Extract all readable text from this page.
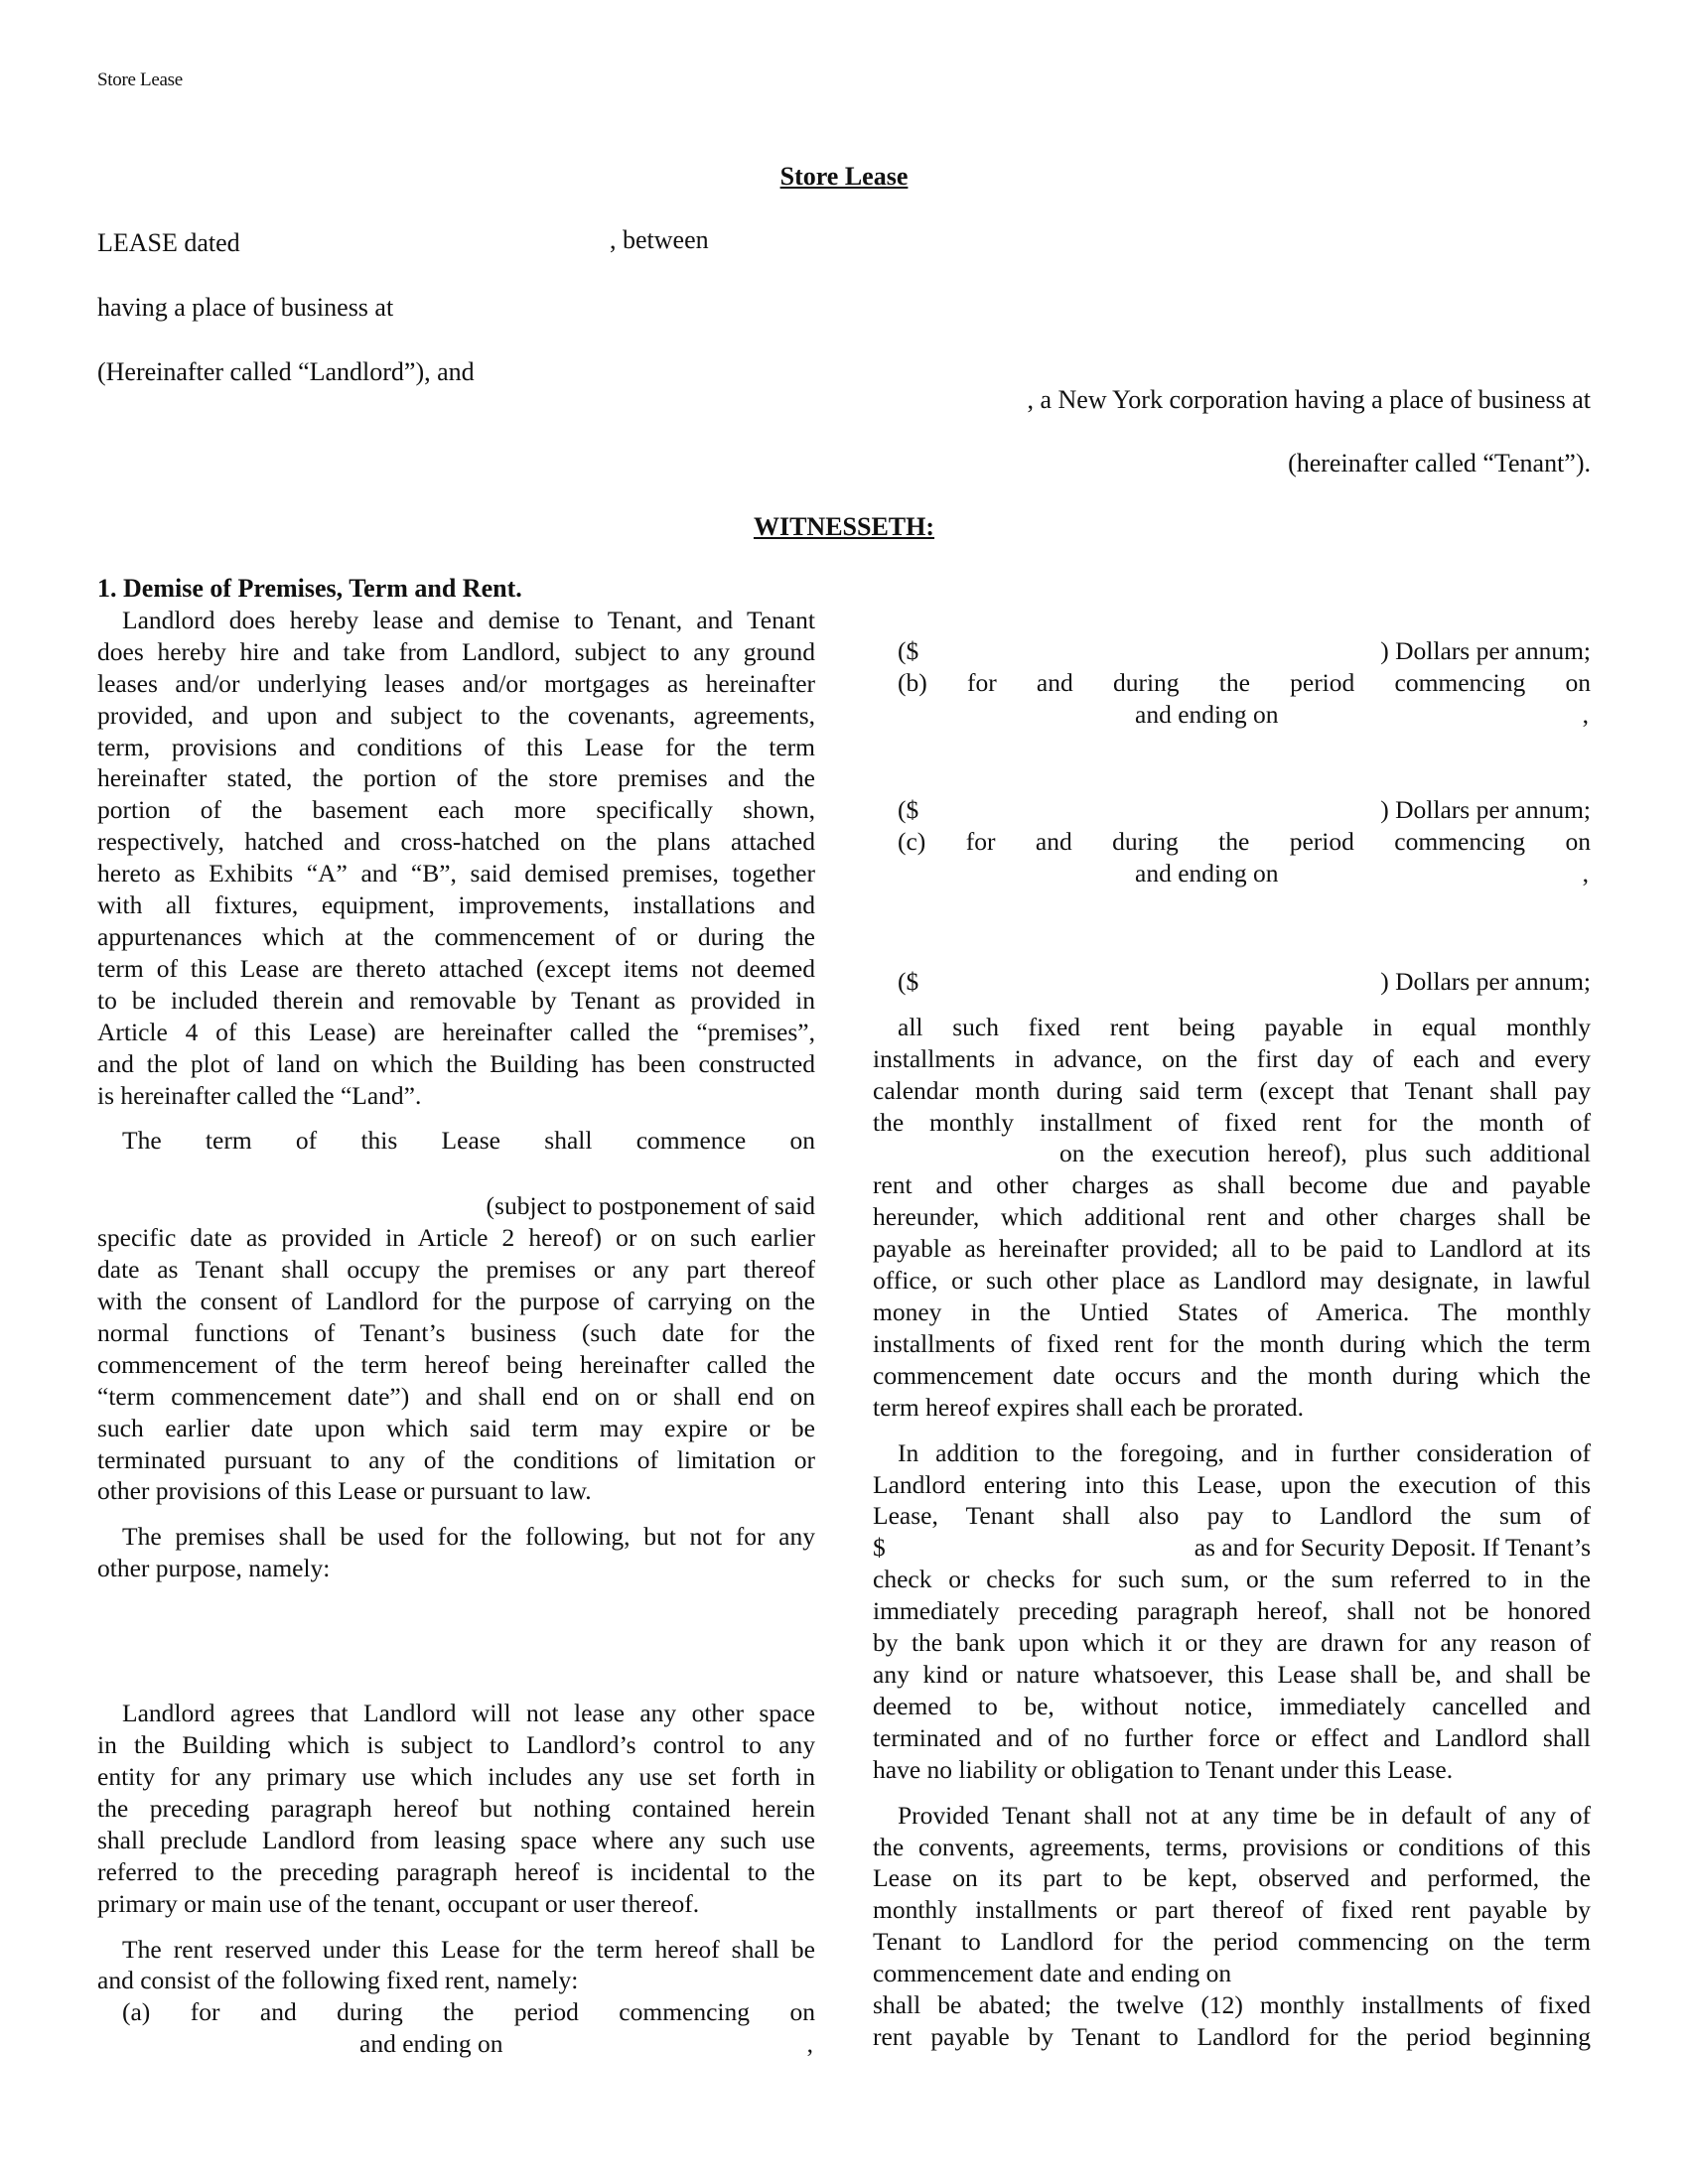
Store Lease
Store Lease
LEASE dated	, between
having a place of business at
(Hereinafter called “Landlord”), and
, a New York corporation having a place of business at
(hereinafter called “Tenant”).
WITNESSETH:

1. Demise of Premises, Term and Rent.

Landlord does hereby lease and demise to Tenant, and Tenant
does hereby hire and take from Landlord, subject to any ground
leases and/or underlying leases and/or mortgages as hereinafter
provided, and upon and subject to the covenants, agreements,
term, provisions and conditions of this Lease for the term
hereinafter stated, the portion of the store premises and the
portion of the basement each more specifically shown,
respectively, hatched and cross-hatched on the plans attached
hereto as Exhibits “A” and “B”, said demised premises, together
with all fixtures, equipment, improvements, installations and
appurtenances which at the commencement of or during the
term of this Lease are thereto attached (except items not deemed
to be included therein and removable by Tenant as provided in
Article 4 of this Lease) are hereinafter called the “premises”,
and the plot of land on which the Building has been constructed
is hereinafter called the “Land”.
The term of this Lease shall commence on
(subject to postponement of said
specific date as provided in Article 2 hereof) or on such earlier
date as Tenant shall occupy the premises or any part thereof
with the consent of Landlord for the purpose of carrying on the
normal functions of Tenant’s business (such date for the
commencement of the term hereof being hereinafter called the
“term commencement date”) and shall end on or shall end on
such earlier date upon which said term may expire or be
terminated pursuant to any of the conditions of limitation or
other provisions of this Lease or pursuant to law.
The premises shall be used for the following, but not for any
other purpose, namely:
Landlord agrees that Landlord will not lease any other space
in the Building which is subject to Landlord’s control to any
entity for any primary use which includes any use set forth in
the preceding paragraph hereof but nothing contained herein
shall preclude Landlord from leasing space where any such use
referred to the preceding paragraph hereof is incidental to the
primary or main use of the tenant, occupant or user thereof.
The rent reserved under this Lease for the term hereof shall be
and consist of the following fixed rent, namely:
(a) for and during the period commencing on
and ending on	,
($	) Dollars per annum;
(b) for and during the period commencing on
and ending on	,
($	) Dollars per annum;
(c) for and during the period commencing on
and ending on	,
($	) Dollars per annum;
all such fixed rent being payable in equal monthly
installments in advance, on the first day of each and every
calendar month during said term (except that Tenant shall pay
the monthly installment of fixed rent for the month of
on the execution hereof), plus such additional
rent and other charges as shall become due and payable
hereunder, which additional rent and other charges shall be
payable as hereinafter provided; all to be paid to Landlord at its
office, or such other place as Landlord may designate, in lawful
money in the Untied States of America. The monthly
installments of fixed rent for the month during which the term
commencement date occurs and the month during which the
term hereof expires shall each be prorated.
In addition to the foregoing, and in further consideration of
Landlord entering into this Lease, upon the execution of this
Lease, Tenant shall also pay to Landlord the sum of
$	as and for Security Deposit. If Tenant’s
check or checks for such sum, or the sum referred to in the
immediately preceding paragraph hereof, shall not be honored
by the bank upon which it or they are drawn for any reason of
any kind or nature whatsoever, this Lease shall be, and shall be
deemed to be, without notice, immediately cancelled and
terminated and of no further force or effect and Landlord shall
have no liability or obligation to Tenant under this Lease.
Provided Tenant shall not at any time be in default of any of
the convents, agreements, terms, provisions or conditions of this
Lease on its part to be kept, observed and performed, the
monthly installments or part thereof of fixed rent payable by
Tenant to Landlord for the period commencing on the term
commencement date and ending on
shall be abated; the twelve (12) monthly installments of fixed
rent payable by Tenant to Landlord for the period beginning
